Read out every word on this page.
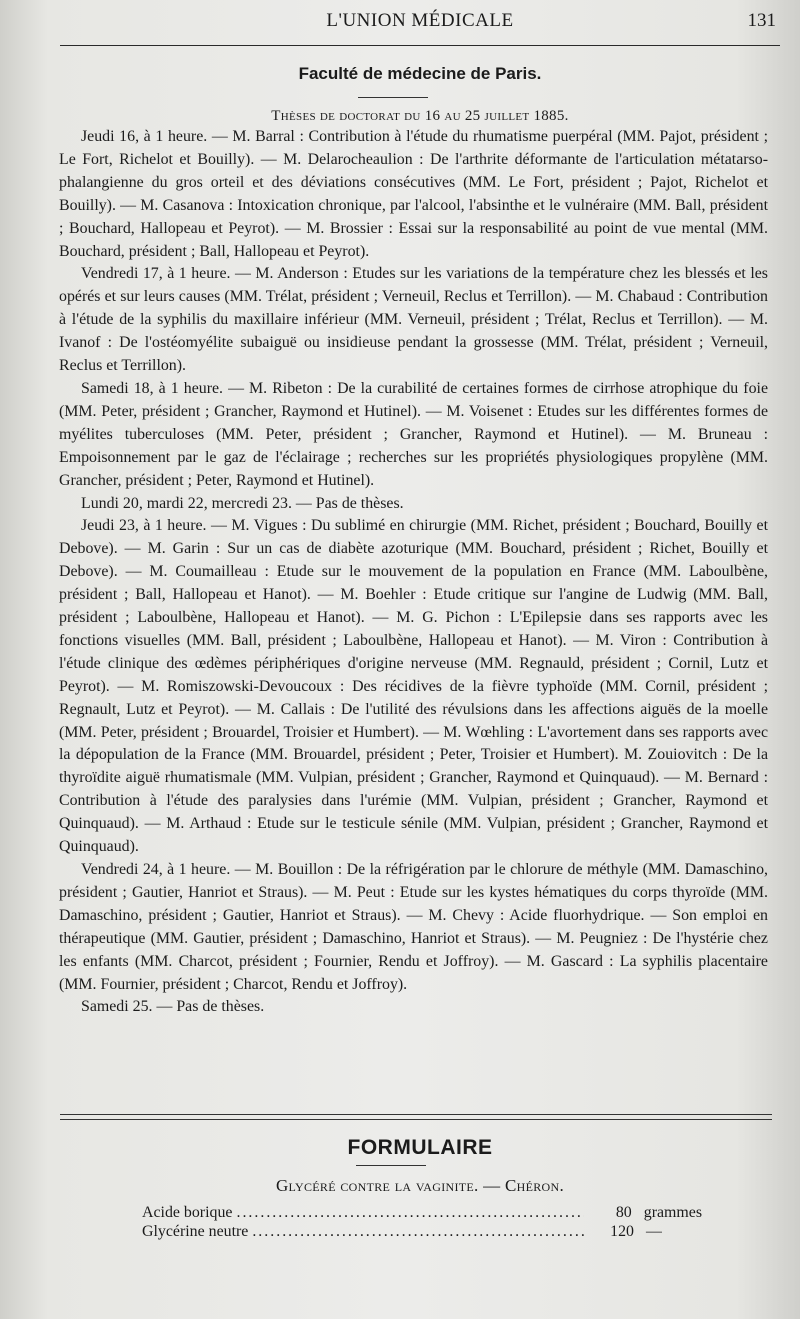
L'UNION MÉDICALE	131
Faculté de médecine de Paris.
Thèses de doctorat du 16 au 25 juillet 1885.

Jeudi 16, à 1 heure. — M. Barral : Contribution à l'étude du rhumatisme puerpéral (MM. Pajot, président ; Le Fort, Richelot et Bouilly). — M. Delarocheaulion : De l'arthrite déformante de l'articulation métatarso-phalangienne du gros orteil et des déviations consécutives (MM. Le Fort, président ; Pajot, Richelot et Bouilly). — M. Casanova : Intoxication chronique, par l'alcool, l'absinthe et le vulnéraire (MM. Ball, président ; Bouchard, Hallopeau et Peyrot). — M. Brossier : Essai sur la responsabilité au point de vue mental (MM. Bouchard, président ; Ball, Hallopeau et Peyrot).

Vendredi 17, à 1 heure. — M. Anderson : Etudes sur les variations de la température chez les blessés et les opérés et sur leurs causes (MM. Trélat, président ; Verneuil, Reclus et Terrillon). — M. Chabaud : Contribution à l'étude de la syphilis du maxillaire inférieur (MM. Verneuil, président ; Trélat, Reclus et Terrillon). — M. Ivanof : De l'ostéomyélite subaiguë ou insidieuse pendant la grossesse (MM. Trélat, président ; Verneuil, Reclus et Terrillon).

Samedi 18, à 1 heure. — M. Ribeton : De la curabilité de certaines formes de cirrhose atrophique du foie (MM. Peter, président ; Grancher, Raymond et Hutinel). — M. Voisenet : Etudes sur les différentes formes de myélites tuberculoses (MM. Peter, président ; Grancher, Raymond et Hutinel). — M. Bruneau : Empoisonnement par le gaz de l'éclairage ; recherches sur les propriétés physiologiques propylène (MM. Grancher, président ; Peter, Raymond et Hutinel).

Lundi 20, mardi 22, mercredi 23. — Pas de thèses.

Jeudi 23, à 1 heure. — M. Vigues : Du sublimé en chirurgie (MM. Richet, président ; Bouchard, Bouilly et Debove). — M. Garin : Sur un cas de diabète azoturique (MM. Bouchard, président ; Richet, Bouilly et Debove). — M. Coumailleau : Etude sur le mouvement de la population en France (MM. Laboulbène, président ; Ball, Hallopeau et Hanot). — M. Boehler : Etude critique sur l'angine de Ludwig (MM. Ball, président ; Laboulbène, Hallopeau et Hanot). — M. G. Pichon : L'Epilepsie dans ses rapports avec les fonctions visuelles (MM. Ball, président ; Laboulbène, Hallopeau et Hanot). — M. Viron : Contribution à l'étude clinique des œdèmes périphériques d'origine nerveuse (MM. Regnauld, président ; Cornil, Lutz et Peyrot). — M. Romiszowski-Devoucoux : Des récidives de la fièvre typhoïde (MM. Cornil, président ; Regnault, Lutz et Peyrot). — M. Callais : De l'utilité des révulsions dans les affections aiguës de la moelle (MM. Peter, président ; Brouardel, Troisier et Humbert). — M. Wœhling : L'avortement dans ses rapports avec la dépopulation de la France (MM. Brouardel, président ; Peter, Troisier et Humbert). M. Zouiovitch : De la thyroïdite aiguë rhumatismale (MM. Vulpian, président ; Grancher, Raymond et Quinquaud). — M. Bernard : Contribution à l'étude des paralysies dans l'urémie (MM. Vulpian, président ; Grancher, Raymond et Quinquaud). — M. Arthaud : Etude sur le testicule sénile (MM. Vulpian, président ; Grancher, Raymond et Quinquaud).

Vendredi 24, à 1 heure. — M. Bouillon : De la réfrigération par le chlorure de méthyle (MM. Damaschino, président ; Gautier, Hanriot et Straus). — M. Peut : Etude sur les kystes hématiques du corps thyroïde (MM. Damaschino, président ; Gautier, Hanriot et Straus). — M. Chevy : Acide fluorhydrique. — Son emploi en thérapeutique (MM. Gautier, président ; Damaschino, Hanriot et Straus). — M. Peugniez : De l'hystérie chez les enfants (MM. Charcot, président ; Fournier, Rendu et Joffroy). — M. Gascard : La syphilis placentaire (MM. Fournier, président ; Charcot, Rendu et Joffroy).

Samedi 25. — Pas de thèses.

FORMULAIRE
Glycéré contre la vaginite. — Chéron.
Acide borique .....	80 grammes
Glycérine neutre .....	120 —
